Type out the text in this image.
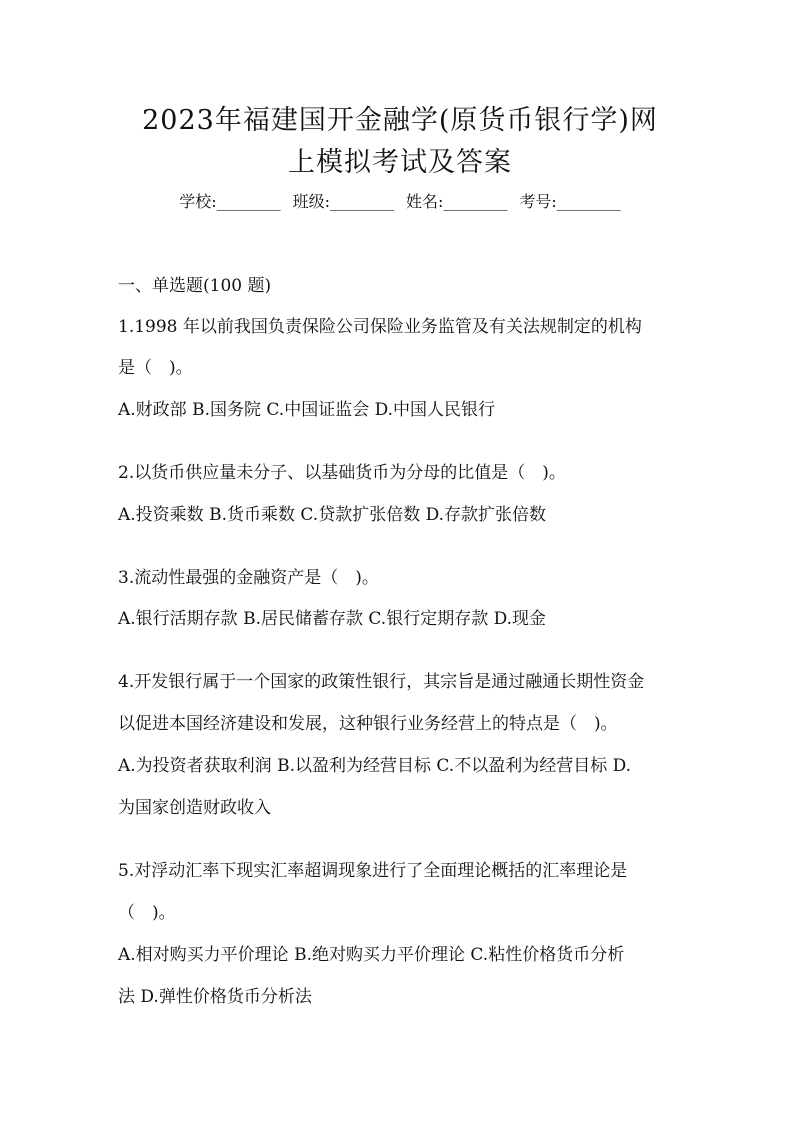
2023年福建国开金融学(原货币银行学)网
上模拟考试及答案
学校:________ 班级:________ 姓名:________ 考号:________
一、单选题(100 题)
1.1998 年以前我国负责保险公司保险业务监管及有关法规制定的机构
是（　)。
A.财政部 B.国务院 C.中国证监会 D.中国人民银行
2.以货币供应量未分子、以基础货币为分母的比值是（　)。
A.投资乘数 B.货币乘数 C.贷款扩张倍数 D.存款扩张倍数
3.流动性最强的金融资产是（　)。
A.银行活期存款 B.居民储蓄存款 C.银行定期存款 D.现金
4.开发银行属于一个国家的政策性银行，其宗旨是通过融通长期性资金
以促进本国经济建设和发展，这种银行业务经营上的特点是（　)。
A.为投资者获取利润 B.以盈利为经营目标 C.不以盈利为经营目标 D.
为国家创造财政收入
5.对浮动汇率下现实汇率超调现象进行了全面理论概括的汇率理论是
（　)。
A.相对购买力平价理论 B.绝对购买力平价理论 C.粘性价格货币分析
法 D.弹性价格货币分析法
